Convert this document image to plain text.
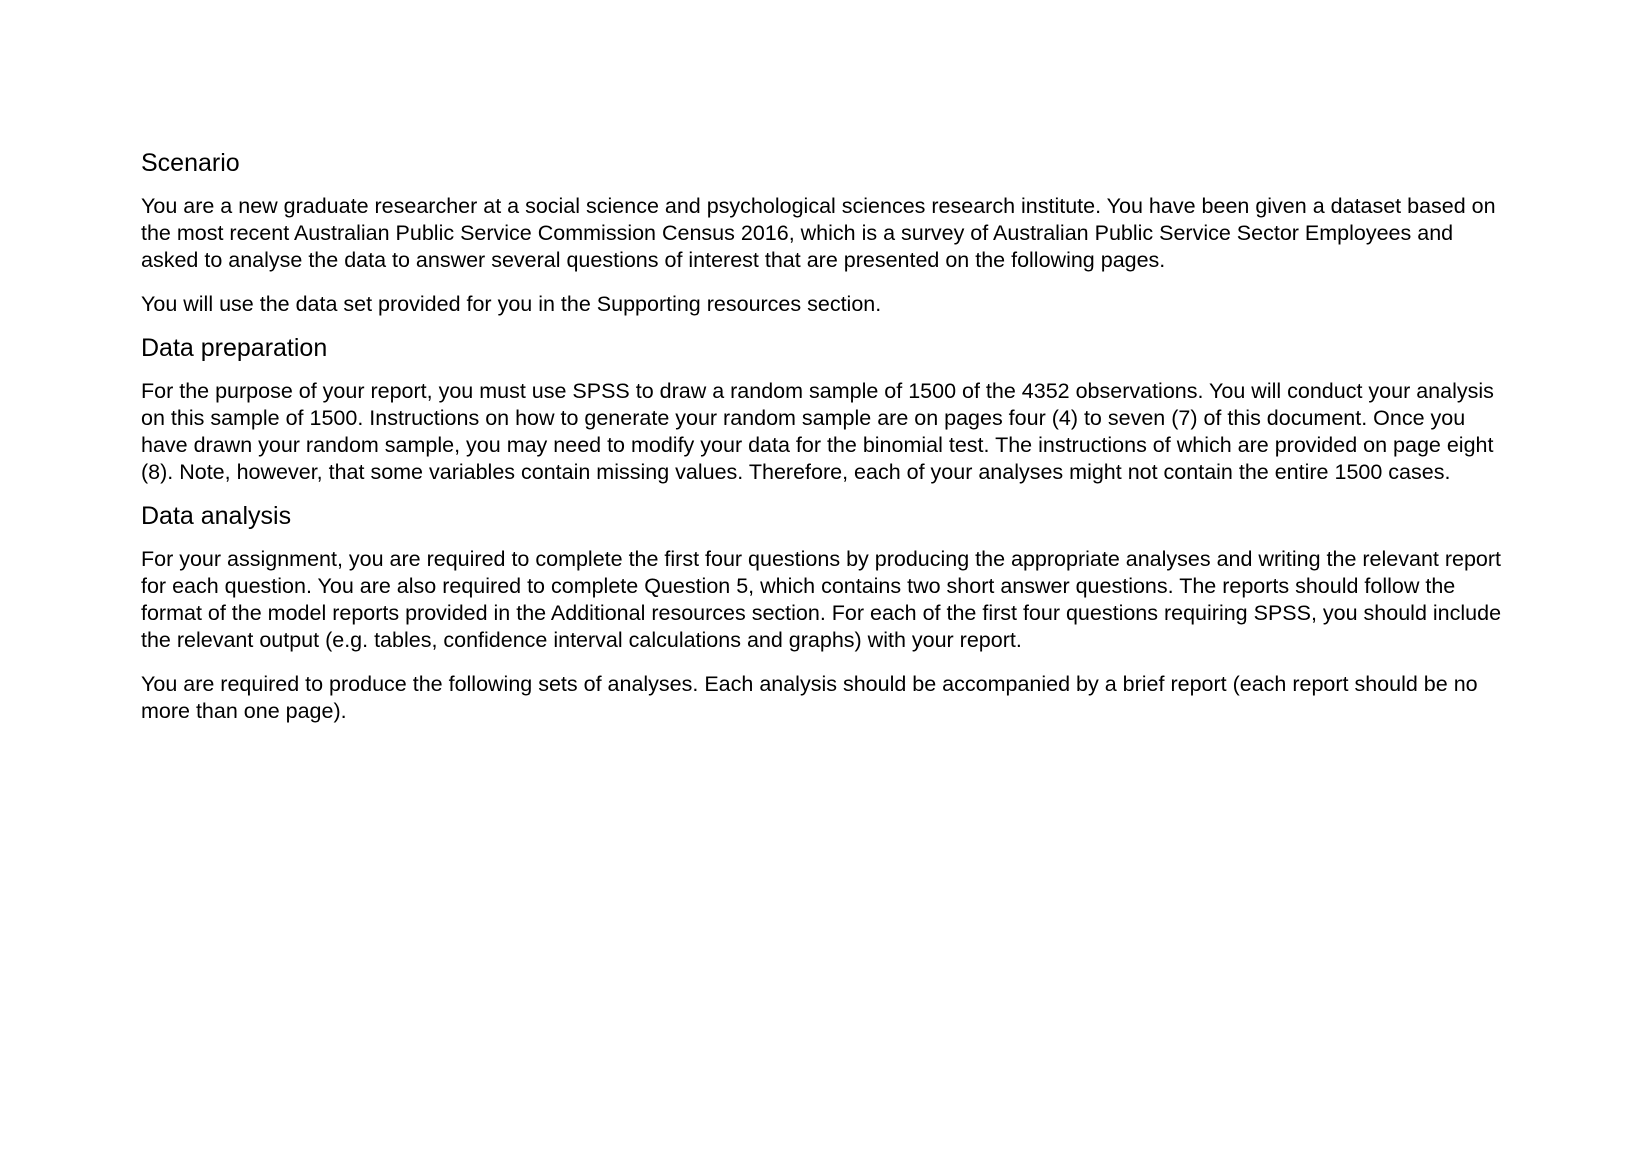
Scenario

You are a new graduate researcher at a social science and psychological sciences research institute. You have been given a dataset based on the most recent Australian Public Service Commission Census 2016, which is a survey of Australian Public Service Sector Employees and asked to analyse the data to answer several questions of interest that are presented on the following pages.

You will use the data set provided for you in the Supporting resources section.

Data preparation

For the purpose of your report, you must use SPSS to draw a random sample of 1500 of the 4352 observations. You will conduct your analysis on this sample of 1500. Instructions on how to generate your random sample are on pages four (4) to seven (7) of this document. Once you have drawn your random sample, you may need to modify your data for the binomial test. The instructions of which are provided on page eight (8). Note, however, that some variables contain missing values. Therefore, each of your analyses might not contain the entire 1500 cases.

Data analysis

For your assignment, you are required to complete the first four questions by producing the appropriate analyses and writing the relevant report for each question. You are also required to complete Question 5, which contains two short answer questions. The reports should follow the format of the model reports provided in the Additional resources section. For each of the first four questions requiring SPSS, you should include the relevant output (e.g. tables, confidence interval calculations and graphs) with your report.

You are required to produce the following sets of analyses. Each analysis should be accompanied by a brief report (each report should be no more than one page).
